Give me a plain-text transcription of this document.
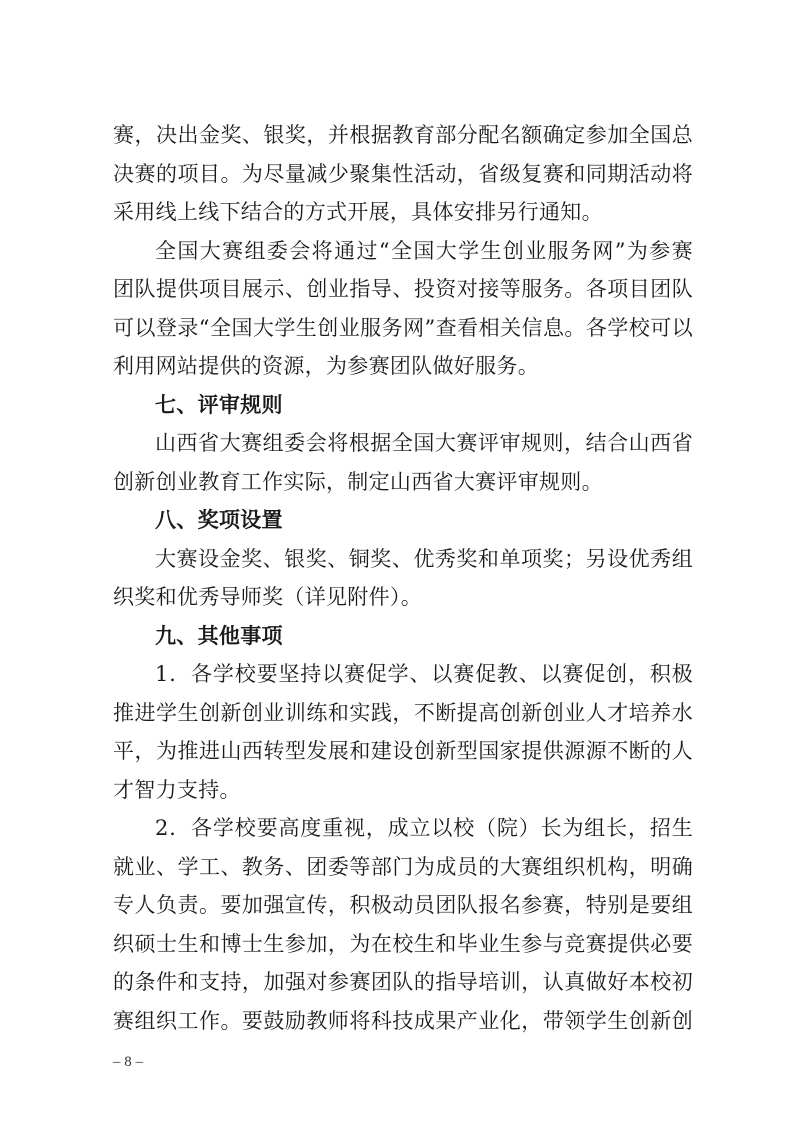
赛，决出金奖、银奖，并根据教育部分配名额确定参加全国总
决赛的项目。为尽量减少聚集性活动，省级复赛和同期活动将
采用线上线下结合的方式开展，具体安排另行通知。
全国大赛组委会将通过“全国大学生创业服务网”为参赛
团队提供项目展示、创业指导、投资对接等服务。各项目团队
可以登录“全国大学生创业服务网”查看相关信息。各学校可以
利用网站提供的资源，为参赛团队做好服务。
七、评审规则
山西省大赛组委会将根据全国大赛评审规则，结合山西省
创新创业教育工作实际，制定山西省大赛评审规则。
八、奖项设置
大赛设金奖、银奖、铜奖、优秀奖和单项奖；另设优秀组
织奖和优秀导师奖（详见附件）。
九、其他事项
1．各学校要坚持以赛促学、以赛促教、以赛促创，积极
推进学生创新创业训练和实践，不断提高创新创业人才培养水
平，为推进山西转型发展和建设创新型国家提供源源不断的人
才智力支持。
2．各学校要高度重视，成立以校（院）长为组长，招生
就业、学工、教务、团委等部门为成员的大赛组织机构，明确
专人负责。要加强宣传，积极动员团队报名参赛，特别是要组
织硕士生和博士生参加，为在校生和毕业生参与竞赛提供必要
的条件和支持，加强对参赛团队的指导培训，认真做好本校初
赛组织工作。要鼓励教师将科技成果产业化，带领学生创新创
– 8 –
